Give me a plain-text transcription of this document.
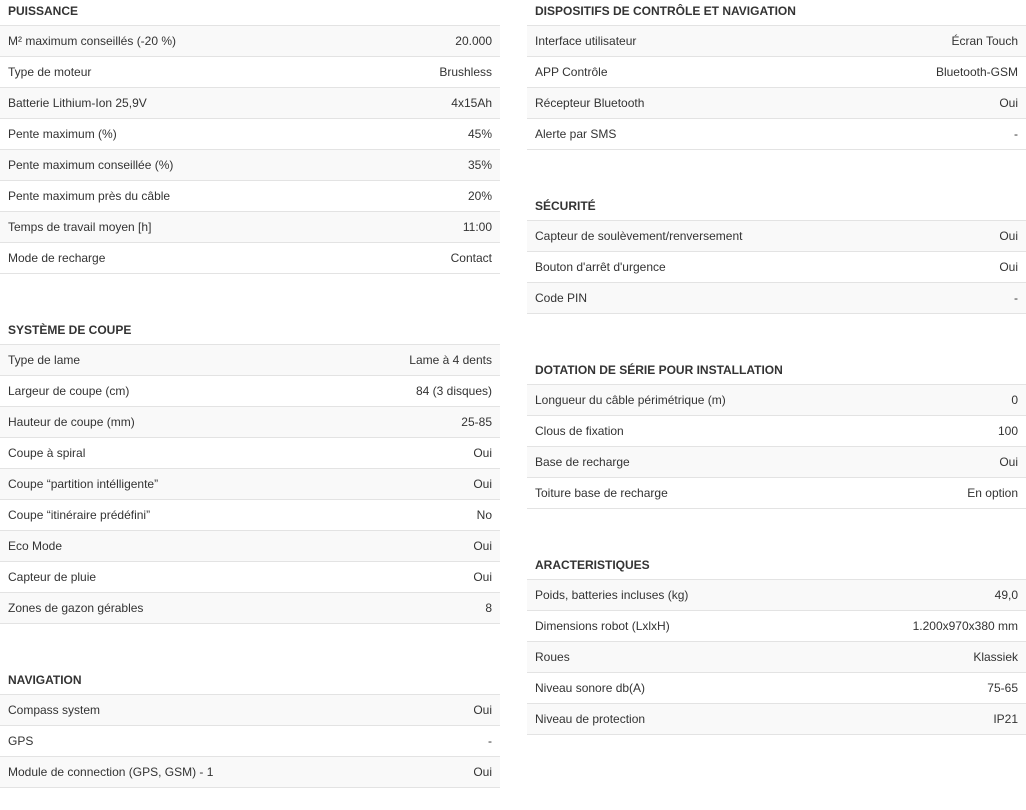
PUISSANCE
M² maximum conseillés (-20 %)	20.000
Type de moteur	Brushless
Batterie Lithium-Ion 25,9V	4x15Ah
Pente maximum (%)	45%
Pente maximum conseillée (%)	35%
Pente maximum près du câble	20%
Temps de travail moyen [h]	11:00
Mode de recharge	Contact
SYSTÈME DE COUPE
Type de lame	Lame à 4 dents
Largeur de coupe (cm)	84 (3 disques)
Hauteur de coupe (mm)	25-85
Coupe à spiral	Oui
Coupe “partition intélligente”	Oui
Coupe “itinéraire prédéfini”	No
Eco Mode	Oui
Capteur de pluie	Oui
Zones de gazon gérables	8
NAVIGATION
Compass system	Oui
GPS	-
Module de connection (GPS, GSM) - 1	Oui
DISPOSITIFS DE CONTRÔLE ET NAVIGATION
Interface utilisateur	Écran Touch
APP Contrôle	Bluetooth-GSM
Récepteur Bluetooth	Oui
Alerte par SMS	-
SÉCURITÉ
Capteur de soulèvement/renversement	Oui
Bouton d'arrêt d'urgence	Oui
Code PIN	-
DOTATION DE SÉRIE POUR INSTALLATION
Longueur du câble périmétrique (m)	0
Clous de fixation	100
Base de recharge	Oui
Toiture base de recharge	En option
ARACTERISTIQUES
Poids, batteries incluses (kg)	49,0
Dimensions robot (LxlxH)	1.200x970x380 mm
Roues	Klassiek
Niveau sonore db(A)	75-65
Niveau de protection	IP21
